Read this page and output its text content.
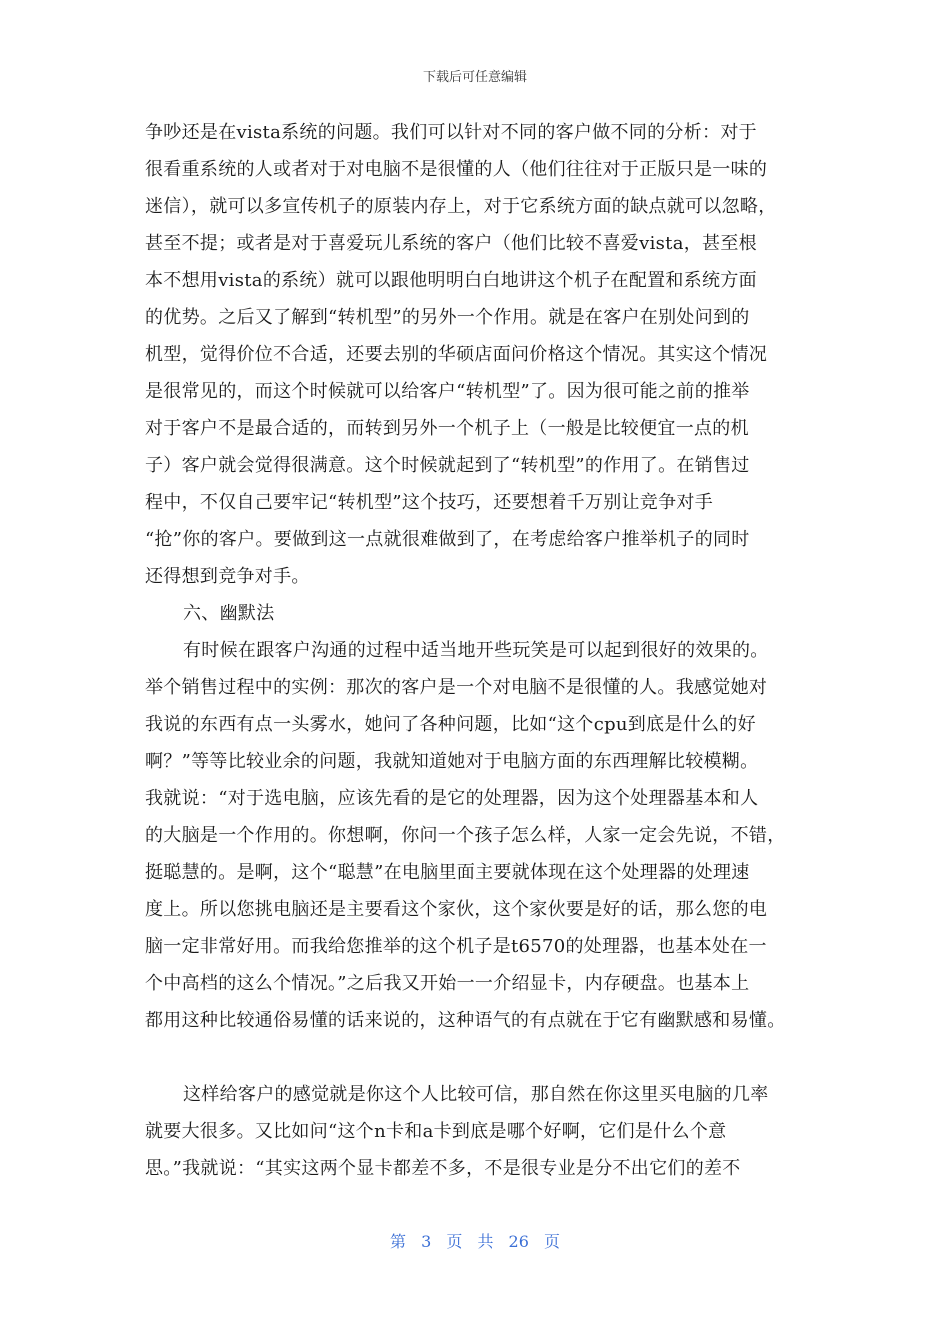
下载后可任意编辑
争吵还是在vista系统的问题。我们可以针对不同的客户做不同的分析：对于
很看重系统的人或者对于对电脑不是很懂的人（他们往往对于正版只是一味的
迷信），就可以多宣传机子的原装内存上，对于它系统方面的缺点就可以忽略，
甚至不提；或者是对于喜爱玩儿系统的客户（他们比较不喜爱vista，甚至根
本不想用vista的系统）就可以跟他明明白白地讲这个机子在配置和系统方面
的优势。之后又了解到“转机型”的另外一个作用。就是在客户在别处问到的
机型，觉得价位不合适，还要去别的华硕店面问价格这个情况。其实这个情况
是很常见的，而这个时候就可以给客户“转机型”了。因为很可能之前的推举
对于客户不是最合适的，而转到另外一个机子上（一般是比较便宜一点的机
子）客户就会觉得很满意。这个时候就起到了“转机型”的作用了。在销售过
程中，不仅自己要牢记“转机型”这个技巧，还要想着千万别让竞争对手
“抢”你的客户。要做到这一点就很难做到了，在考虑给客户推举机子的同时
还得想到竞争对手。
六、幽默法
有时候在跟客户沟通的过程中适当地开些玩笑是可以起到很好的效果的。
举个销售过程中的实例：那次的客户是一个对电脑不是很懂的人。我感觉她对
我说的东西有点一头雾水，她问了各种问题，比如“这个cpu到底是什么的好
啊？”等等比较业余的问题，我就知道她对于电脑方面的东西理解比较模糊。
我就说：“对于选电脑，应该先看的是它的处理器，因为这个处理器基本和人
的大脑是一个作用的。你想啊，你问一个孩子怎么样，人家一定会先说，不错，
挺聪慧的。是啊，这个“聪慧”在电脑里面主要就体现在这个处理器的处理速
度上。所以您挑电脑还是主要看这个家伙，这个家伙要是好的话，那么您的电
脑一定非常好用。而我给您推举的这个机子是t6570的处理器，也基本处在一
个中高档的这么个情况。”之后我又开始一一介绍显卡，内存硬盘。也基本上
都用这种比较通俗易懂的话来说的，这种语气的有点就在于它有幽默感和易懂。
这样给客户的感觉就是你这个人比较可信，那自然在你这里买电脑的几率
就要大很多。又比如问“这个n卡和a卡到底是哪个好啊，它们是什么个意
思。”我就说：“其实这两个显卡都差不多，不是很专业是分不出它们的差不
第 3 页 共 26 页
